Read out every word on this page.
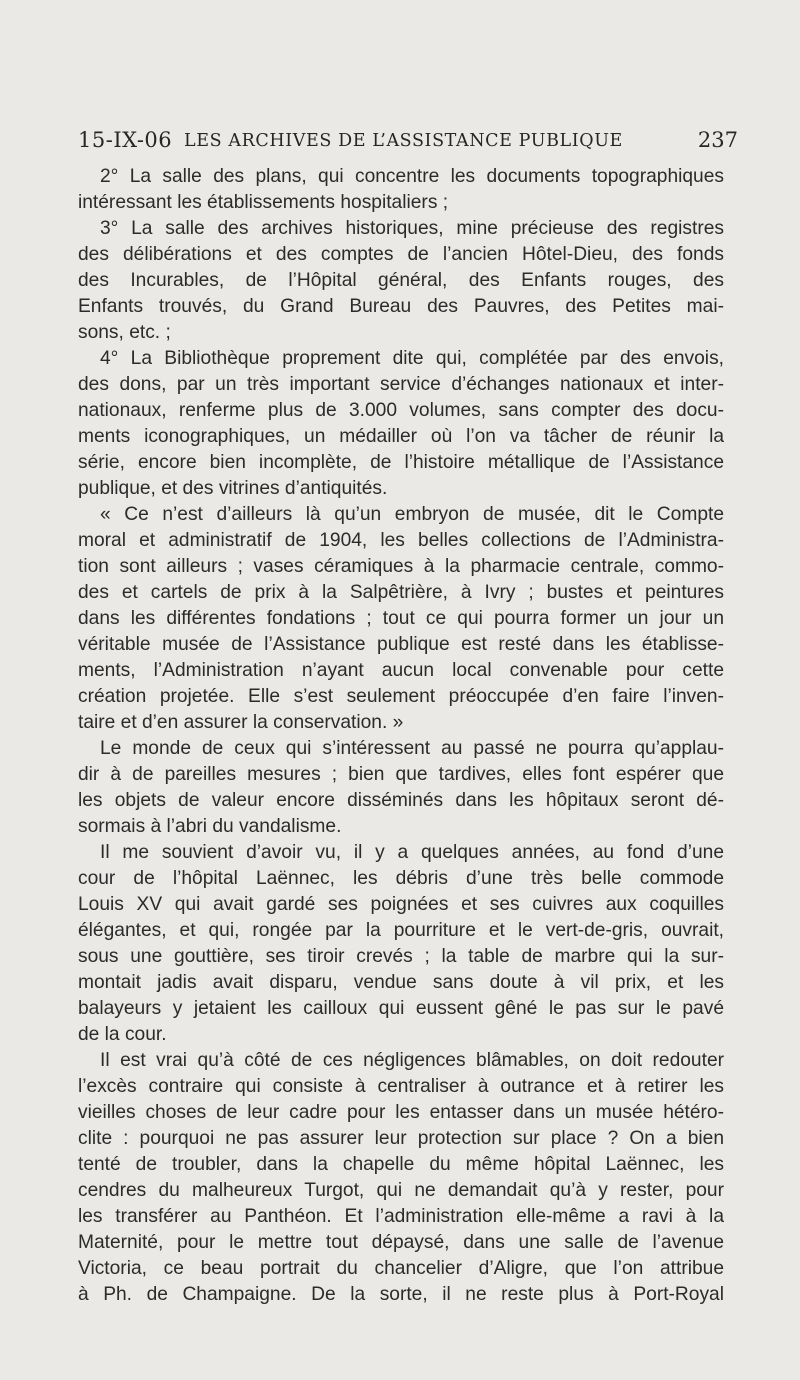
15-IX-06 LES ARCHIVES DE L’ASSISTANCE PUBLIQUE	237
2° La salle des plans, qui concentre les documents topographiques
intéressant les établissements hospitaliers ;
3° La salle des archives historiques, mine précieuse des registres
des délibérations et des comptes de l’ancien Hôtel-Dieu, des fonds
des Incurables, de l’Hôpital général, des Enfants rouges, des
Enfants trouvés, du Grand Bureau des Pauvres, des Petites mai-
sons, etc. ;
4° La Bibliothèque proprement dite qui, complétée par des envois,
des dons, par un très important service d’échanges nationaux et inter-
nationaux, renferme plus de 3.000 volumes, sans compter des docu-
ments iconographiques, un médailler où l’on va tâcher de réunir la
série, encore bien incomplète, de l’histoire métallique de l’Assistance
publique, et des vitrines d’antiquités.
« Ce n’est d’ailleurs là qu’un embryon de musée, dit le Compte
moral et administratif de 1904, les belles collections de l’Administra-
tion sont ailleurs ; vases céramiques à la pharmacie centrale, commo-
des et cartels de prix à la Salpêtrière, à Ivry ; bustes et peintures
dans les différentes fondations ; tout ce qui pourra former un jour un
véritable musée de l’Assistance publique est resté dans les établisse-
ments, l’Administration n’ayant aucun local convenable pour cette
création projetée. Elle s’est seulement préoccupée d’en faire l’inven-
taire et d’en assurer la conservation. »
Le monde de ceux qui s’intéressent au passé ne pourra qu’applau-
dir à de pareilles mesures ; bien que tardives, elles font espérer que
les objets de valeur encore disséminés dans les hôpitaux seront dé-
sormais à l’abri du vandalisme.
Il me souvient d’avoir vu, il y a quelques années, au fond d’une
cour de l’hôpital Laënnec, les débris d’une très belle commode
Louis XV qui avait gardé ses poignées et ses cuivres aux coquilles
élégantes, et qui, rongée par la pourriture et le vert-de-gris, ouvrait,
sous une gouttière, ses tiroir crevés ; la table de marbre qui la sur-
montait jadis avait disparu, vendue sans doute à vil prix, et les
balayeurs y jetaient les cailloux qui eussent gêné le pas sur le pavé
de la cour.
Il est vrai qu’à côté de ces négligences blâmables, on doit redouter
l’excès contraire qui consiste à centraliser à outrance et à retirer les
vieilles choses de leur cadre pour les entasser dans un musée hétéro-
clite : pourquoi ne pas assurer leur protection sur place ? On a bien
tenté de troubler, dans la chapelle du même hôpital Laënnec, les
cendres du malheureux Turgot, qui ne demandait qu’à y rester, pour
les transférer au Panthéon. Et l’administration elle-même a ravi à la
Maternité, pour le mettre tout dépaysé, dans une salle de l’avenue
Victoria, ce beau portrait du chancelier d’Aligre, que l’on attribue
à Ph. de Champaigne. De la sorte, il ne reste plus à Port-Royal
